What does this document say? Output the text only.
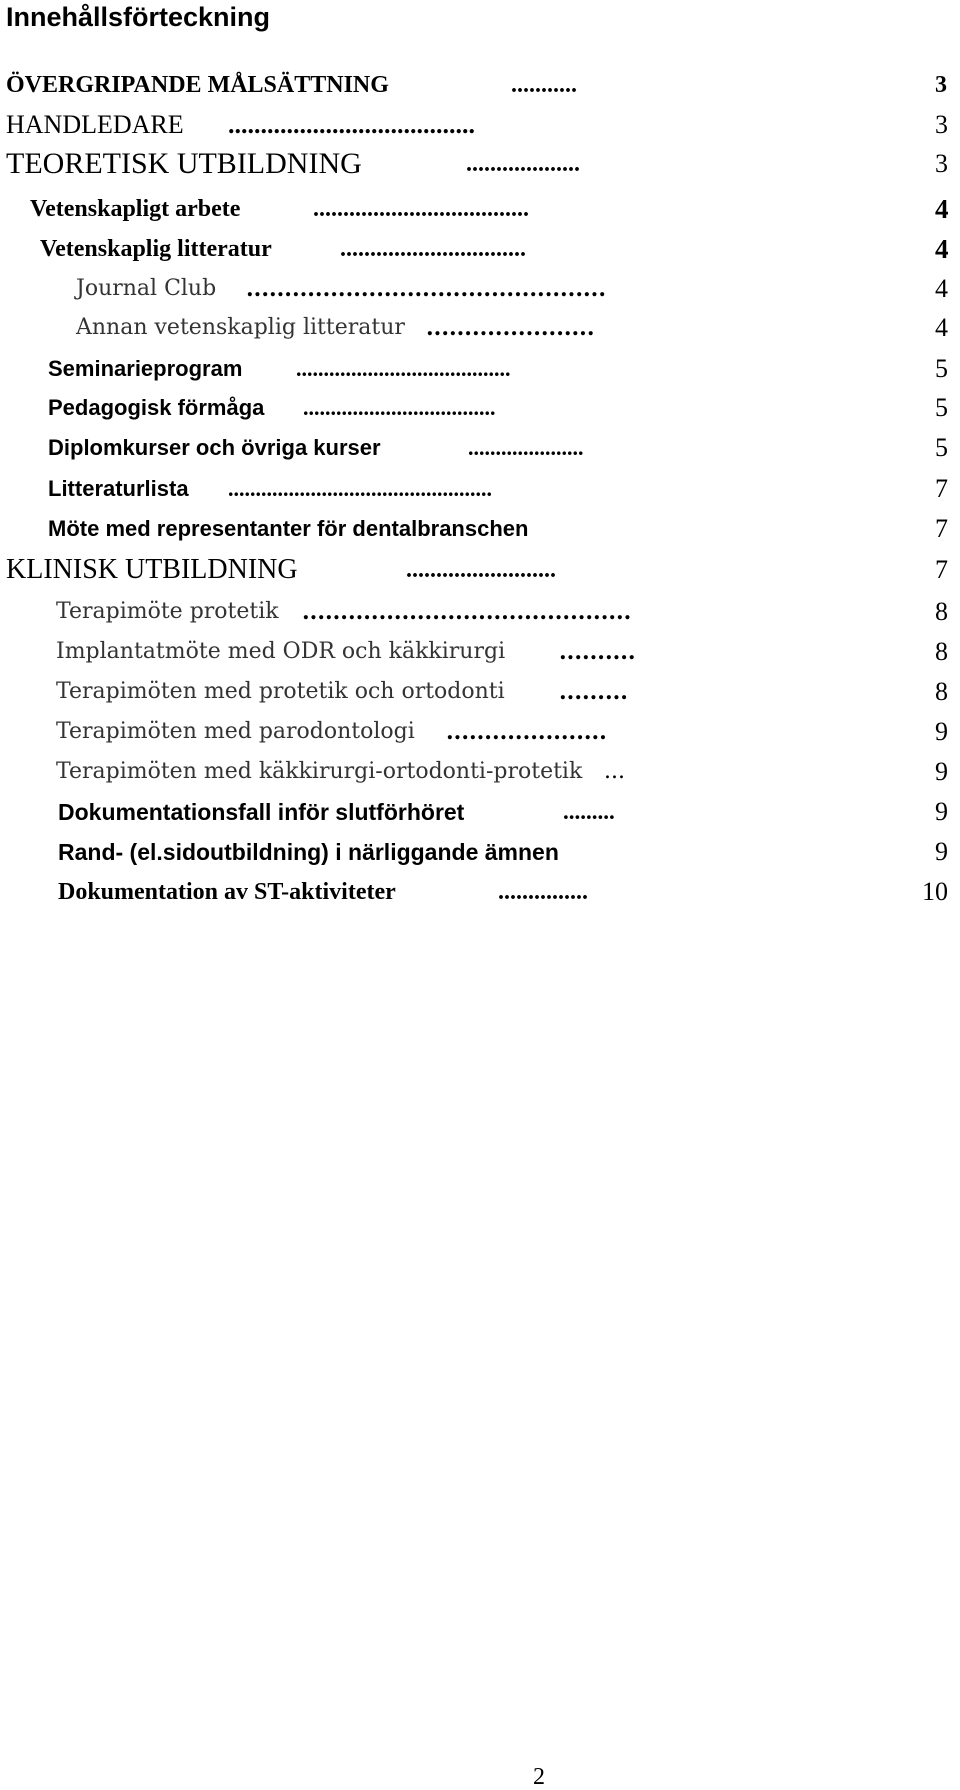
Innehållsförteckning
ÖVERGRIPANDE MÅLSÄTTNING	...........	3
HANDLEDARE ......................................	3
TEORETISK UTBILDNING	...................	3
Vetenskapligt arbete	....................................	4
Vetenskaplig litteratur	...............................	4
Journal Club ...............................................	4
Annan vetenskaplig litteratur ......................	4
Seminarieprogram .......................................	5
Pedagogisk förmåga ...................................	5
Diplomkurser och övriga kurser	.....................	5
Litteraturlista ................................................	7
Möte med representanter för dentalbranschen	7
KLINISK UTBILDNING	.........................	7
Terapimöte protetik ...........................................	8
Implantatmöte med ODR och käkkirurgi ..........	8
Terapimöten med protetik och ortodonti .........	8
Terapimöten med parodontologi .....................	9
Terapimöten med käkkirurgi-ortodonti-protetik ...	9
Dokumentationsfall inför slutförhöret	.........	9
Rand- (el.sidoutbildning) i närliggande ämnen	9
Dokumentation av ST-aktiviteter	...............	10
2
